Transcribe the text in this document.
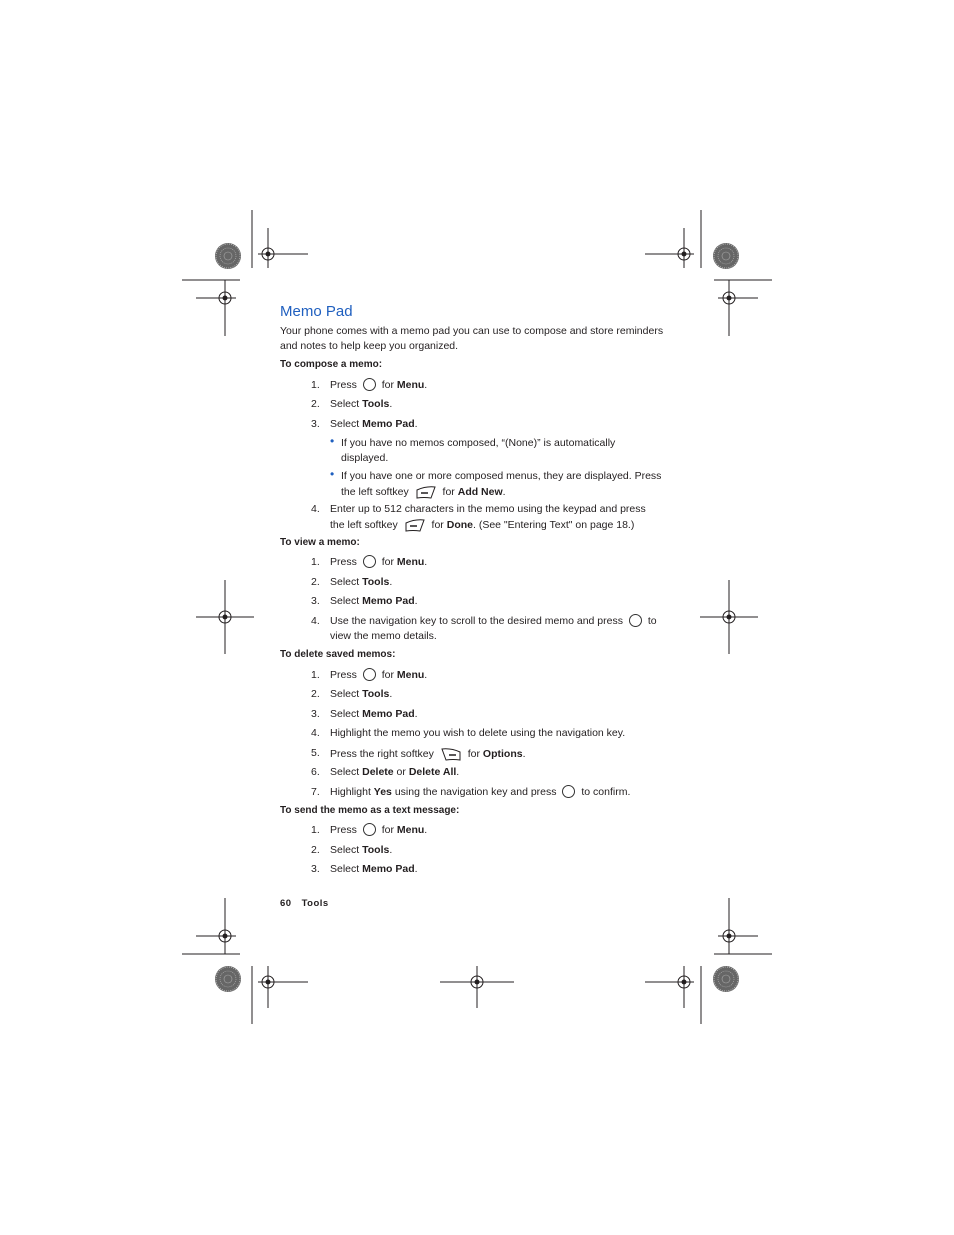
Memo Pad

Your phone comes with a memo pad you can use to compose and store reminders and notes to help keep you organized.

To compose a memo:
1. Press for Menu.
2. Select Tools.
3. Select Memo Pad.
• If you have no memos composed, “(None)” is automatically displayed.
• If you have one or more composed menus, they are displayed. Press the left softkey	for Add New.
4. Enter up to 512 characters in the memo using the keypad and press the left softkey	for Done. (See "Entering Text" on page 18.)
To view a memo:
1. Press for Menu.
2. Select Tools.
3. Select Memo Pad.
4. Use the navigation key to scroll to the desired memo and press to view the memo details.
To delete saved memos:
1. Press for Menu.
2. Select Tools.
3. Select Memo Pad.
4. Highlight the memo you wish to delete using the navigation key.
5. Press the right softkey	for Options.
6. Select Delete or Delete All.
7. Highlight Yes using the navigation key and press to confirm.
To send the memo as a text message:
1. Press for Menu.
2. Select Tools.
3. Select Memo Pad.
60 Tools
